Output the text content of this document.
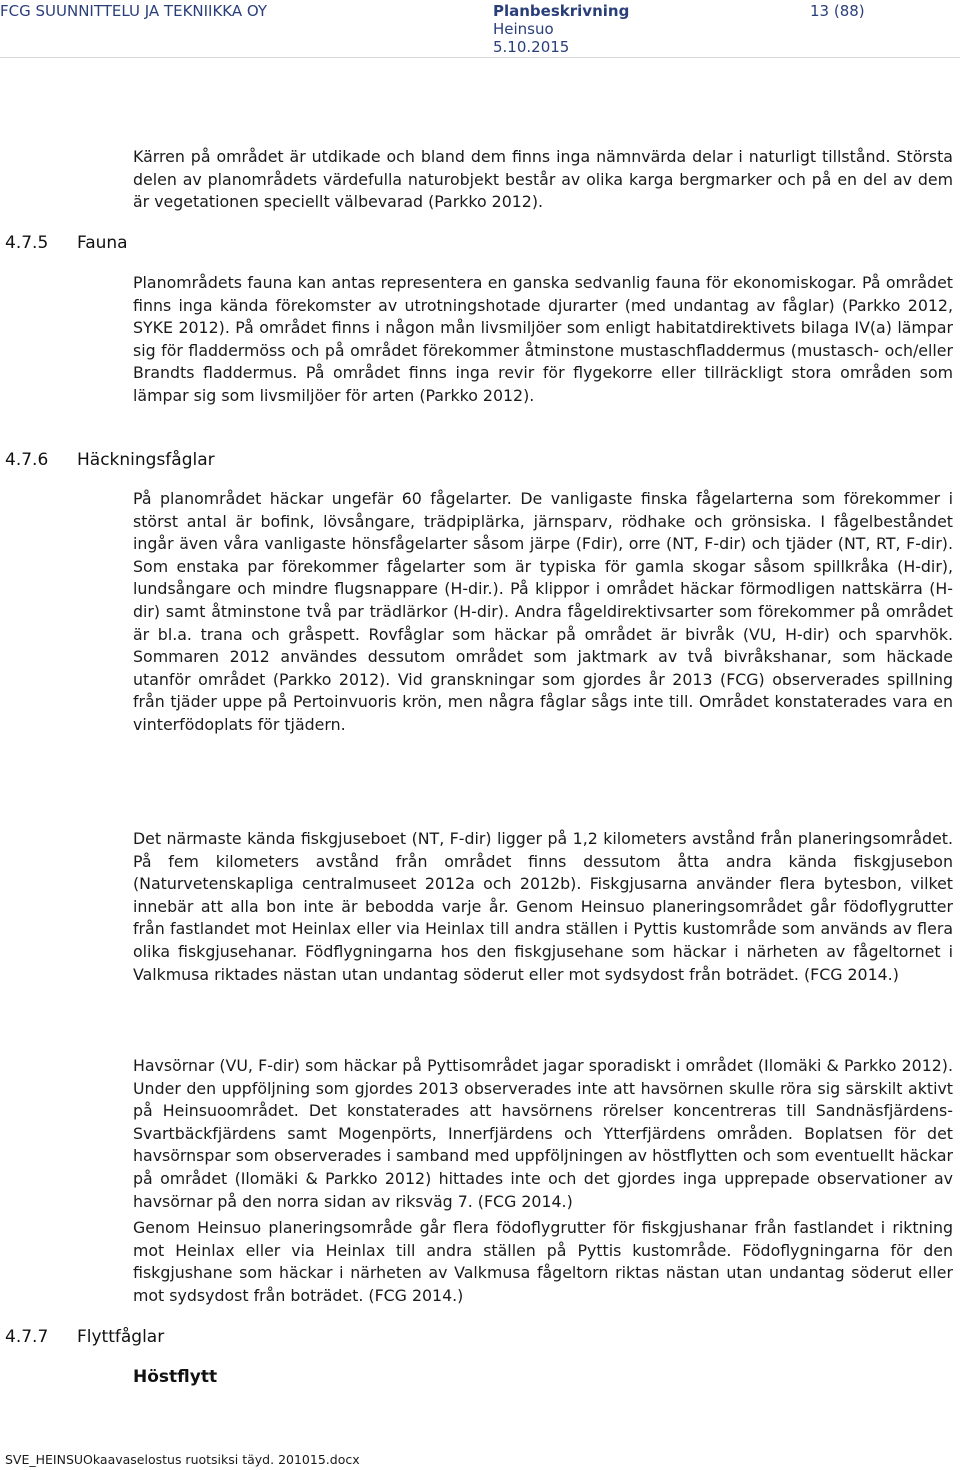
FCG SUUNNITTELU JA TEKNIIKKA OY	Planbeskrivning
Heinsuo
5.10.2015
13 (88)
4.7.5 Fauna
4.7.6 Häckningsfåglar
4.7.7 Flyttfåglar

Kärren på området är utdikade och bland dem finns inga nämnvärda delar i naturligt tillstånd. Största delen av planområdets värdefulla naturobjekt består av olika karga bergmarker och på en del av dem är vegetationen speciellt välbevarad (Parkko 2012).

Planområdets fauna kan antas representera en ganska sedvanlig fauna för ekonomiskogar. På området finns inga kända förekomster av utrotningshotade djurarter (med undantag av fåglar) (Parkko 2012, SYKE 2012). På området finns i någon mån livsmiljöer som enligt habitatdirektivets bilaga IV(a) lämpar sig för fladdermöss och på området förekommer åtminstone mustaschfladdermus (mustasch- och/eller Brandts fladdermus. På området finns inga revir för flygekorre eller tillräckligt stora områden som lämpar sig som livsmiljöer för arten (Parkko 2012).

På planområdet häckar ungefär 60 fågelarter. De vanligaste finska fågelarterna som förekommer i störst antal är bofink, lövsångare, trädpiplärka, järnsparv, rödhake och grönsiska. I fågelbeståndet ingår även våra vanligaste hönsfågelarter såsom järpe (Fdir), orre (NT, F-dir) och tjäder (NT, RT, F-dir). Som enstaka par förekommer fågelarter som är typiska för gamla skogar såsom spillkråka (H-dir), lundsångare och mindre flugsnappare (H-dir.). På klippor i området häckar förmodligen nattskärra (H-dir) samt åtminstone två par trädlärkor (H-dir). Andra fågeldirektivsarter som förekommer på området är bl.a. trana och gråspett. Rovfåglar som häckar på området är bivråk (VU, H-dir) och sparvhök. Sommaren 2012 användes dessutom området som jaktmark av två bivråkshanar, som häckade utanför området (Parkko 2012). Vid granskningar som gjordes år 2013 (FCG) observerades spillning från tjäder uppe på Pertoinvuoris krön, men några fåglar sågs inte till. Området konstaterades vara en vinterfödoplats för tjädern.

Det närmaste kända fiskgjuseboet (NT, F-dir) ligger på 1,2 kilometers avstånd från planeringsområdet. På fem kilometers avstånd från området finns dessutom åtta andra kända fiskgjusebon (Naturvetenskapliga centralmuseet 2012a och 2012b). Fiskgjusarna använder flera bytesbon, vilket innebär att alla bon inte är bebodda varje år. Genom Heinsuo planeringsområdet går födoflygrutter från fastlandet mot Heinlax eller via Heinlax till andra ställen i Pyttis kustområde som används av flera olika fiskgjusehanar. Födflygningarna hos den fiskgjusehane som häckar i närheten av fågeltornet i Valkmusa riktades nästan utan undantag söderut eller mot sydsydost från boträdet. (FCG 2014.)

Havsörnar (VU, F-dir) som häckar på Pyttisområdet jagar sporadiskt i området (Ilomäki & Parkko 2012). Under den uppföljning som gjordes 2013 observerades inte att havsörnen skulle röra sig särskilt aktivt på Heinsuoområdet. Det konstaterades att havsörnens rörelser koncentreras till Sandnäsfjärdens-Svartbäckfjärdens samt Mogenpörts, Innerfjärdens och Ytterfjärdens områden. Boplatsen för det havsörnspar som observerades i samband med uppföljningen av höstflytten och som eventuellt häckar på området (Ilomäki & Parkko 2012) hittades inte och det gjordes inga upprepade observationer av havsörnar på den norra sidan av riksväg 7. (FCG 2014.)

Genom Heinsuo planeringsområde går flera födoflygrutter för fiskgjushanar från fastlandet i riktning mot Heinlax eller via Heinlax till andra ställen på Pyttis kustområde. Födoflygningarna för den fiskgjushane som häckar i närheten av Valkmusa fågeltorn riktas nästan utan undantag söderut eller mot sydsydost från boträdet. (FCG 2014.)

Höstflytt
SVE_HEINSUOkaavaselostus ruotsiksi täyd. 201015.docx
